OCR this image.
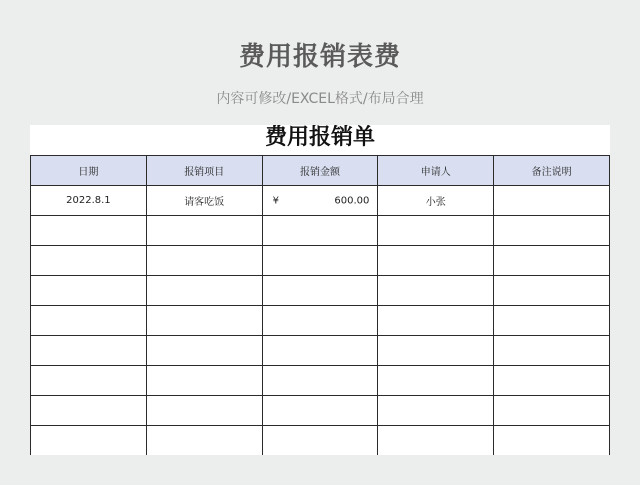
费用报销表费
内容可修改/EXCEL格式/布局合理
费用报销单
日期	报销项目	报销金额	申请人	备注说明
2022.8.1	请客吃饭	¥ 600.00	小张	
